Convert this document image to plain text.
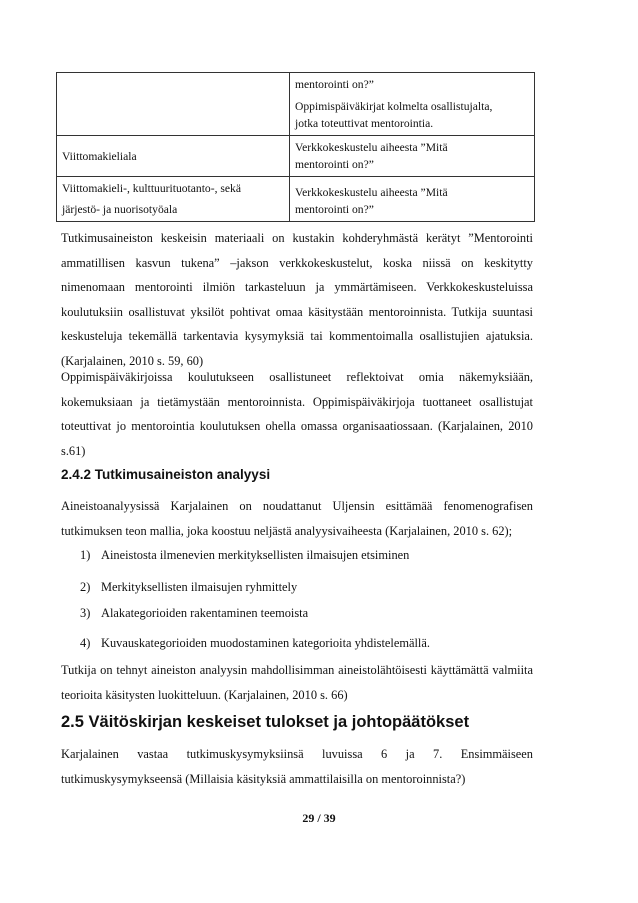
	mentorointi on?”
Oppimispäiväkirjat kolmelta osallistujalta,
jotka toteuttivat mentorointia.

Viittomakieliala	Verkkokeskustelu aiheesta ”Mitä
mentorointi on?”

Viittomakieli-, kulttuurituotanto-, sekä
järjestö- ja nuorisotyöala	Verkkokeskustelu aiheesta ”Mitä
mentorointi on?”

Tutkimusaineiston keskeisin materiaali on kustakin kohderyhmästä kerätyt ”Mentorointi ammatillisen kasvun tukena” –jakson verkkokeskustelut, koska niissä on keskitytty nimenomaan mentorointi ilmiön tarkasteluun ja ymmärtämiseen. Verkkokeskusteluissa koulutuksiin osallistuvat yksilöt pohtivat omaa käsitystään mentoroinnista. Tutkija suuntasi keskusteluja tekemällä tarkentavia kysymyksiä tai kommentoimalla osallistujien ajatuksia. (Karjalainen, 2010 s. 59, 60)

Oppimispäiväkirjoissa koulutukseen osallistuneet reflektoivat omia näkemyksiään, kokemuksiaan ja tietämystään mentoroinnista. Oppimispäiväkirjoja tuottaneet osallistujat toteuttivat jo mentorointia koulutuksen ohella omassa organisaatiossaan. (Karjalainen, 2010 s.61)

2.4.2 Tutkimusaineiston analyysi

Aineistoanalyysissä Karjalainen on noudattanut Uljensin esittämää fenomenografisen tutkimuksen teon mallia, joka koostuu neljästä analyysivaiheesta (Karjalainen, 2010 s. 62);

1) Aineistosta ilmenevien merkityksellisten ilmaisujen etsiminen

2) Merkityksellisten ilmaisujen ryhmittely

3) Alakategorioiden rakentaminen teemoista

4) Kuvauskategorioiden muodostaminen kategorioita yhdistelemällä.

Tutkija on tehnyt aineiston analyysin mahdollisimman aineistolähtöisesti käyttämättä valmiita teorioita käsitysten luokitteluun. (Karjalainen, 2010 s. 66)

2.5 Väitöskirjan keskeiset tulokset ja johtopäätökset

Karjalainen vastaa tutkimuskysymyksiinsä luvuissa 6 ja 7. Ensimmäiseen tutkimuskysymykseensä (Millaisia käsityksiä ammattilaisilla on mentoroinnista?)

29 / 39
